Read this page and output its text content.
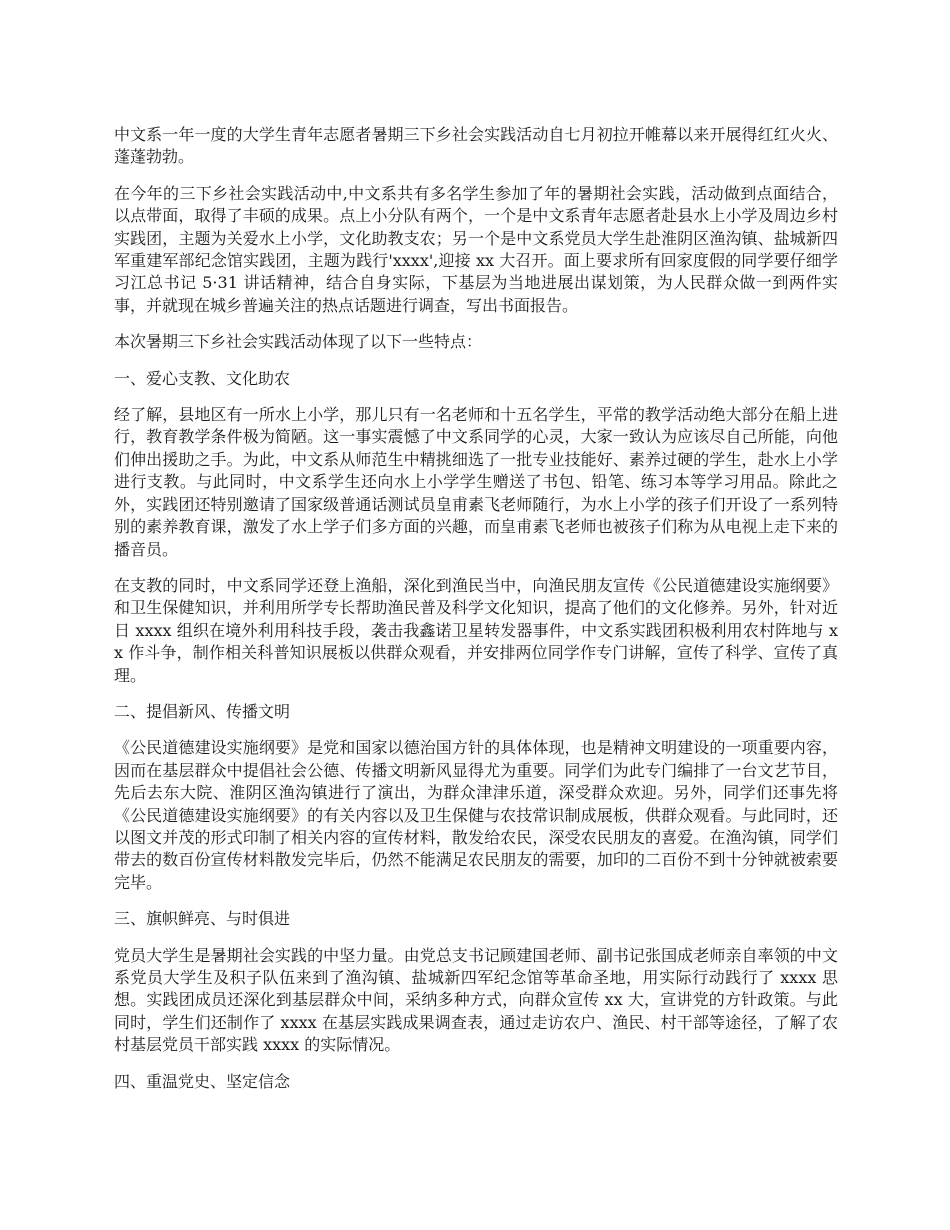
中文系一年一度的大学生青年志愿者暑期三下乡社会实践活动自七月初拉开帷幕以来开展得红红火火、蓬蓬勃勃。

在今年的三下乡社会实践活动中,中文系共有多名学生参加了年的暑期社会实践，活动做到点面结合，以点带面，取得了丰硕的成果。点上小分队有两个，一个是中文系青年志愿者赴县水上小学及周边乡村实践团，主题为关爱水上小学，文化助教支农；另一个是中文系党员大学生赴淮阴区渔沟镇、盐城新四军重建军部纪念馆实践团，主题为践行'xxxx',迎接 xx 大召开。面上要求所有回家度假的同学要仔细学习江总书记 5·31 讲话精神，结合自身实际，下基层为当地进展出谋划策，为人民群众做一到两件实事，并就现在城乡普遍关注的热点话题进行调查，写出书面报告。

本次暑期三下乡社会实践活动体现了以下一些特点：

一、爱心支教、文化助农

经了解，县地区有一所水上小学，那儿只有一名老师和十五名学生，平常的教学活动绝大部分在船上进行，教育教学条件极为简陋。这一事实震憾了中文系同学的心灵，大家一致认为应该尽自己所能，向他们伸出援助之手。为此，中文系从师范生中精挑细选了一批专业技能好、素养过硬的学生，赴水上小学进行支教。与此同时，中文系学生还向水上小学学生赠送了书包、铅笔、练习本等学习用品。除此之外，实践团还特别邀请了国家级普通话测试员皇甫素飞老师随行，为水上小学的孩子们开设了一系列特别的素养教育课，激发了水上学子们多方面的兴趣，而皇甫素飞老师也被孩子们称为从电视上走下来的播音员。

在支教的同时，中文系同学还登上渔船，深化到渔民当中，向渔民朋友宣传《公民道德建设实施纲要》和卫生保健知识，并利用所学专长帮助渔民普及科学文化知识，提高了他们的文化修养。另外，针对近日 xxxx 组织在境外利用科技手段，袭击我鑫诺卫星转发器事件，中文系实践团积极利用农村阵地与 xx 作斗争，制作相关科普知识展板以供群众观看，并安排两位同学作专门讲解，宣传了科学、宣传了真理。

二、提倡新风、传播文明

《公民道德建设实施纲要》是党和国家以德治国方针的具体体现，也是精神文明建设的一项重要内容，因而在基层群众中提倡社会公德、传播文明新风显得尤为重要。同学们为此专门编排了一台文艺节目，先后去东大院、淮阴区渔沟镇进行了演出，为群众津津乐道，深受群众欢迎。另外，同学们还事先将《公民道德建设实施纲要》的有关内容以及卫生保健与农技常识制成展板，供群众观看。与此同时，还以图文并茂的形式印制了相关内容的宣传材料，散发给农民，深受农民朋友的喜爱。在渔沟镇，同学们带去的数百份宣传材料散发完毕后，仍然不能满足农民朋友的需要，加印的二百份不到十分钟就被索要完毕。

三、旗帜鲜亮、与时俱进

党员大学生是暑期社会实践的中坚力量。由党总支书记顾建国老师、副书记张国成老师亲自率领的中文系党员大学生及积子队伍来到了渔沟镇、盐城新四军纪念馆等革命圣地，用实际行动践行了 xxxx 思想。实践团成员还深化到基层群众中间，采纳多种方式，向群众宣传 xx 大，宣讲党的方针政策。与此同时，学生们还制作了 xxxx 在基层实践成果调查表，通过走访农户、渔民、村干部等途径，了解了农村基层党员干部实践 xxxx 的实际情况。

四、重温党史、坚定信念
